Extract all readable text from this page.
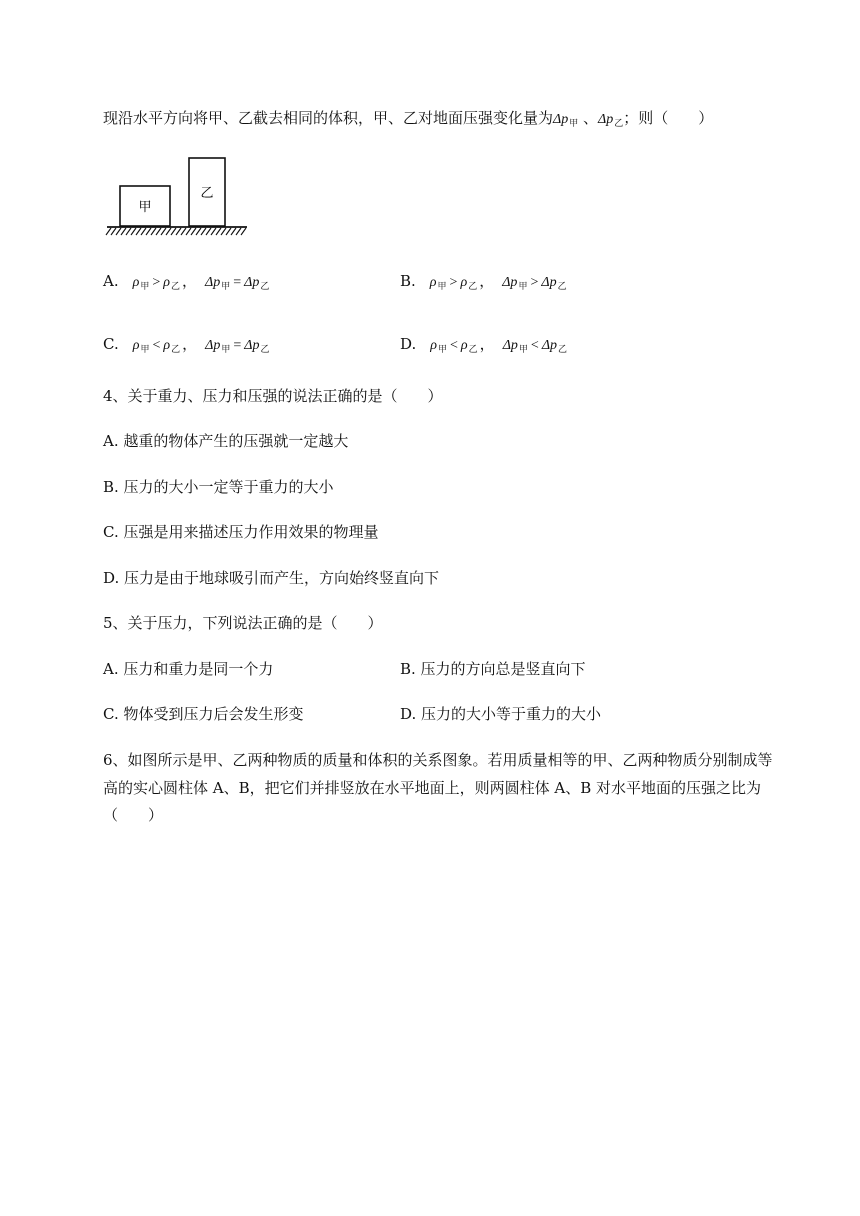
现沿水平方向将甲、乙截去相同的体积，甲、乙对地面压强变化量为$\Delta p_甲$ 、$\Delta p_乙$；则（　　）
甲
乙
A. $\rho_甲 > \rho_乙$ ， $\Delta p_甲 = \Delta p_乙$	B. $\rho_甲 > \rho_乙$ ， $\Delta p_甲 > \Delta p_乙$
C. $\rho_甲 < \rho_乙$ ， $\Delta p_甲 = \Delta p_乙$	D. $\rho_甲 < \rho_乙$ ， $\Delta p_甲 < \Delta p_乙$
4、关于重力、压力和压强的说法正确的是（　　）
A. 越重的物体产生的压强就一定越大
B. 压力的大小一定等于重力的大小
C. 压强是用来描述压力作用效果的物理量
D. 压力是由于地球吸引而产生，方向始终竖直向下
5、关于压力，下列说法正确的是（　　）
A. 压力和重力是同一个力	B. 压力的方向总是竖直向下
C. 物体受到压力后会发生形变	D. 压力的大小等于重力的大小
6、如图所示是甲、乙两种物质的质量和体积的关系图象。若用质量相等的甲、乙两种物质分别制成等
高的实心圆柱体 A、B，把它们并排竖放在水平地面上，则两圆柱体 A、B 对水平地面的压强之比为
（　　）
